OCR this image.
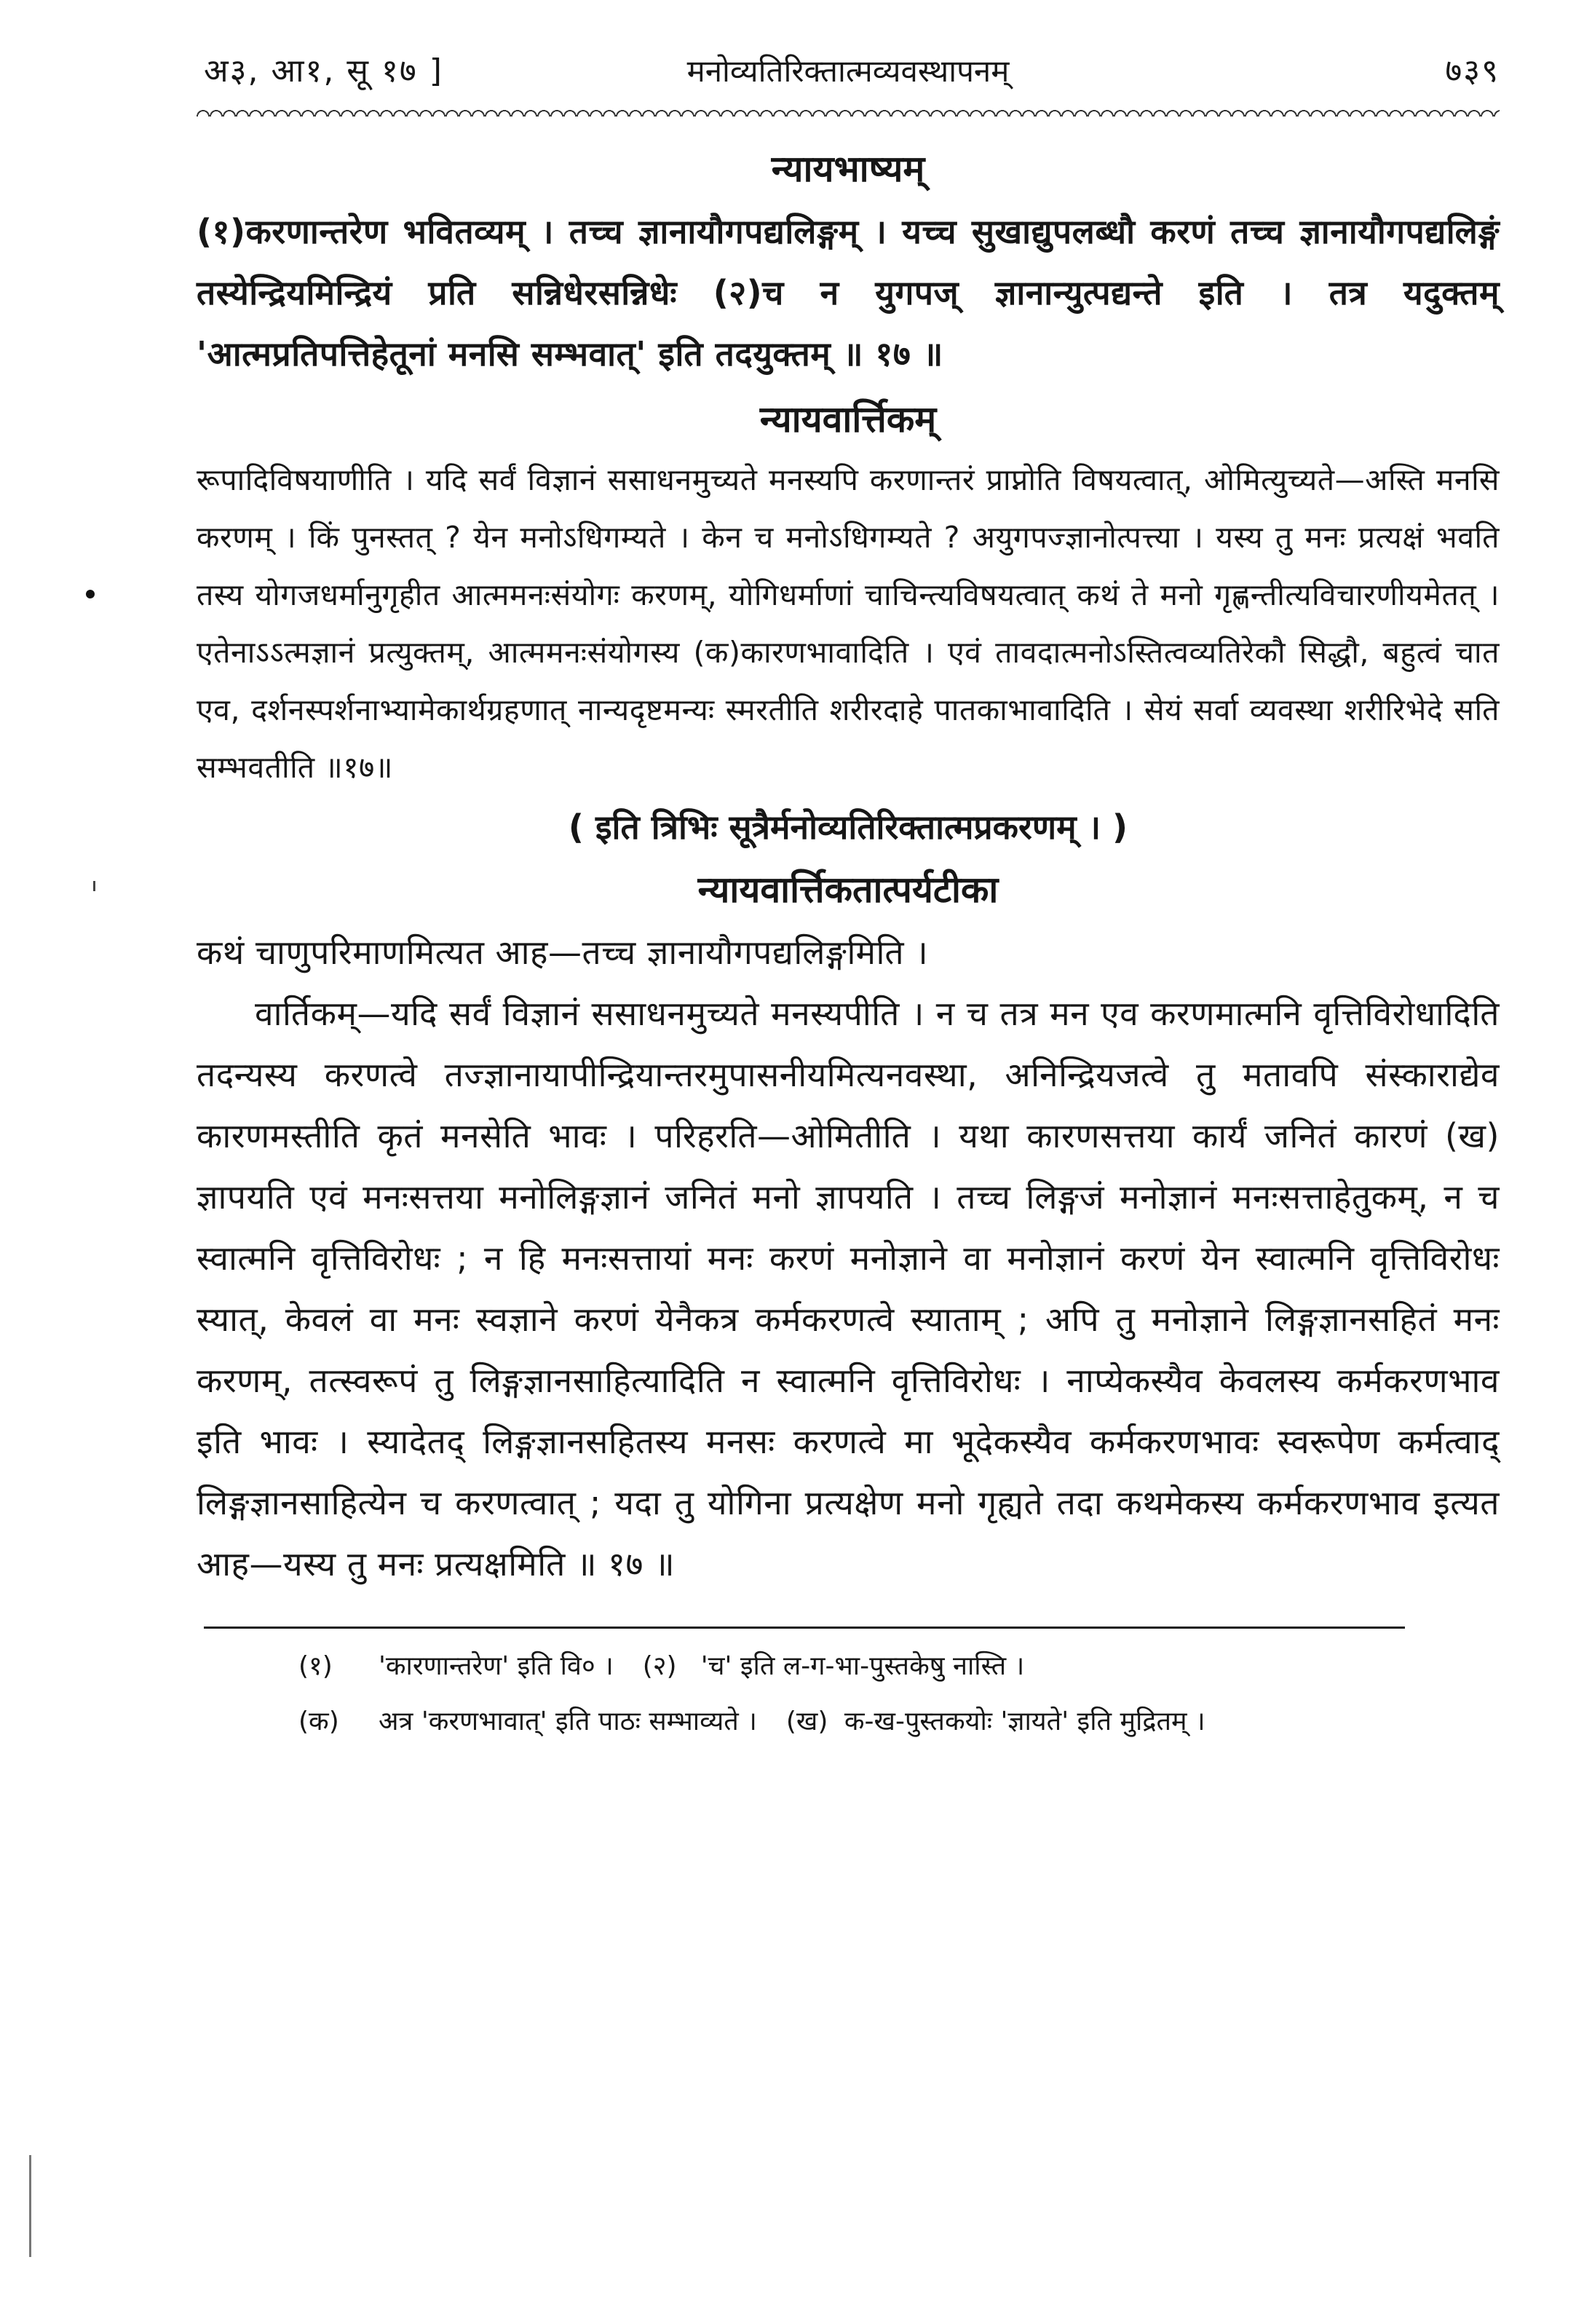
अ३, आ१, सू १७ ]	मनोव्यतिरिक्तात्मव्यवस्थापनम्	७३९
न्यायभाष्यम्

(१)करणान्तरेण भवितव्यम् । तच्च ज्ञानायौगपद्यलिङ्गम् । यच्च सुखाद्युपलब्धौ करणं तच्च ज्ञानायौगपद्यलिङ्गं तस्येन्द्रियमिन्द्रियं प्रति सन्निधेरसन्निधेः (२)च न युगपज् ज्ञानान्युत्पद्यन्ते इति । तत्र यदुक्तम् 'आत्मप्रतिपत्तिहेतूनां मनसि सम्भवात्' इति तदयुक्तम् ॥ १७ ॥

न्यायवार्त्तिकम्

रूपादिविषयाणीति । यदि सर्वं विज्ञानं ससाधनमुच्यते मनस्यपि करणान्तरं प्राप्नोति विषयत्वात्, ओमित्युच्यते—अस्ति मनसि करणम् । किं पुनस्तत् ? येन मनोऽधिगम्यते । केन च मनोऽधिगम्यते ? अयुगपज्ज्ञानोत्पत्त्या । यस्य तु मनः प्रत्यक्षं भवति तस्य योगजधर्मानुगृहीत आत्ममनःसंयोगः करणम्, योगिधर्माणां चाचिन्त्यविषयत्वात् कथं ते मनो गृह्णन्तीत्यविचारणीयमेतत् । एतेनाऽऽत्मज्ञानं प्रत्युक्तम्, आत्ममनःसंयोगस्य (क)कारणभावादिति । एवं तावदात्मनोऽस्तित्वव्यतिरेकौ सिद्धौ, बहुत्वं चात एव, दर्शनस्पर्शनाभ्यामेकार्थग्रहणात् नान्यदृष्टमन्यः स्मरतीति शरीरदाहे पातकाभावादिति । सेयं सर्वा व्यवस्था शरीरिभेदे सति सम्भवतीति ॥१७॥

( इति त्रिभिः सूत्रैर्मनोव्यतिरिक्तात्मप्रकरणम् । )

न्यायवार्त्तिकतात्पर्यटीका

कथं चाणुपरिमाणमित्यत आह—तच्च ज्ञानायौगपद्यलिङ्गमिति ।

वार्तिकम्—यदि सर्वं विज्ञानं ससाधनमुच्यते मनस्यपीति । न च तत्र मन एव करणमात्मनि वृत्तिविरोधादिति तदन्यस्य करणत्वे तज्ज्ञानायापीन्द्रियान्तरमुपासनीयमित्यनवस्था, अनिन्द्रियजत्वे तु मतावपि संस्काराद्येव कारणमस्तीति कृतं मनसेति भावः । परिहरति—ओमितीति । यथा कारणसत्तया कार्यं जनितं कारणं (ख) ज्ञापयति एवं मनःसत्तया मनोलिङ्गज्ञानं जनितं मनो ज्ञापयति । तच्च लिङ्गजं मनोज्ञानं मनःसत्ताहेतुकम्, न च स्वात्मनि वृत्तिविरोधः ; न हि मनःसत्तायां मनः करणं मनोज्ञाने वा मनोज्ञानं करणं येन स्वात्मनि वृत्तिविरोधः स्यात्, केवलं वा मनः स्वज्ञाने करणं येनैकत्र कर्मकरणत्वे स्याताम् ; अपि तु मनोज्ञाने लिङ्गज्ञानसहितं मनः करणम्, तत्स्वरूपं तु लिङ्गज्ञानसाहित्यादिति न स्वात्मनि वृत्तिविरोधः । नाप्येकस्यैव केवलस्य कर्मकरणभाव इति भावः । स्यादेतद् लिङ्गज्ञानसहितस्य मनसः करणत्वे मा भूदेकस्यैव कर्मकरणभावः स्वरूपेण कर्मत्वाद् लिङ्गज्ञानसाहित्येन च करणत्वात् ; यदा तु योगिना प्रत्यक्षेण मनो गृह्यते तदा कथमेकस्य कर्मकरणभाव इत्यत आह—यस्य तु मनः प्रत्यक्षमिति ॥ १७ ॥

(१) 'कारणान्तरेण' इति वि० । (२) 'च' इति ल-ग-भा-पुस्तकेषु नास्ति ।

(क) अत्र 'करणभावात्' इति पाठः सम्भाव्यते । (ख) क-ख-पुस्तकयोः 'ज्ञायते' इति मुद्रितम् ।
